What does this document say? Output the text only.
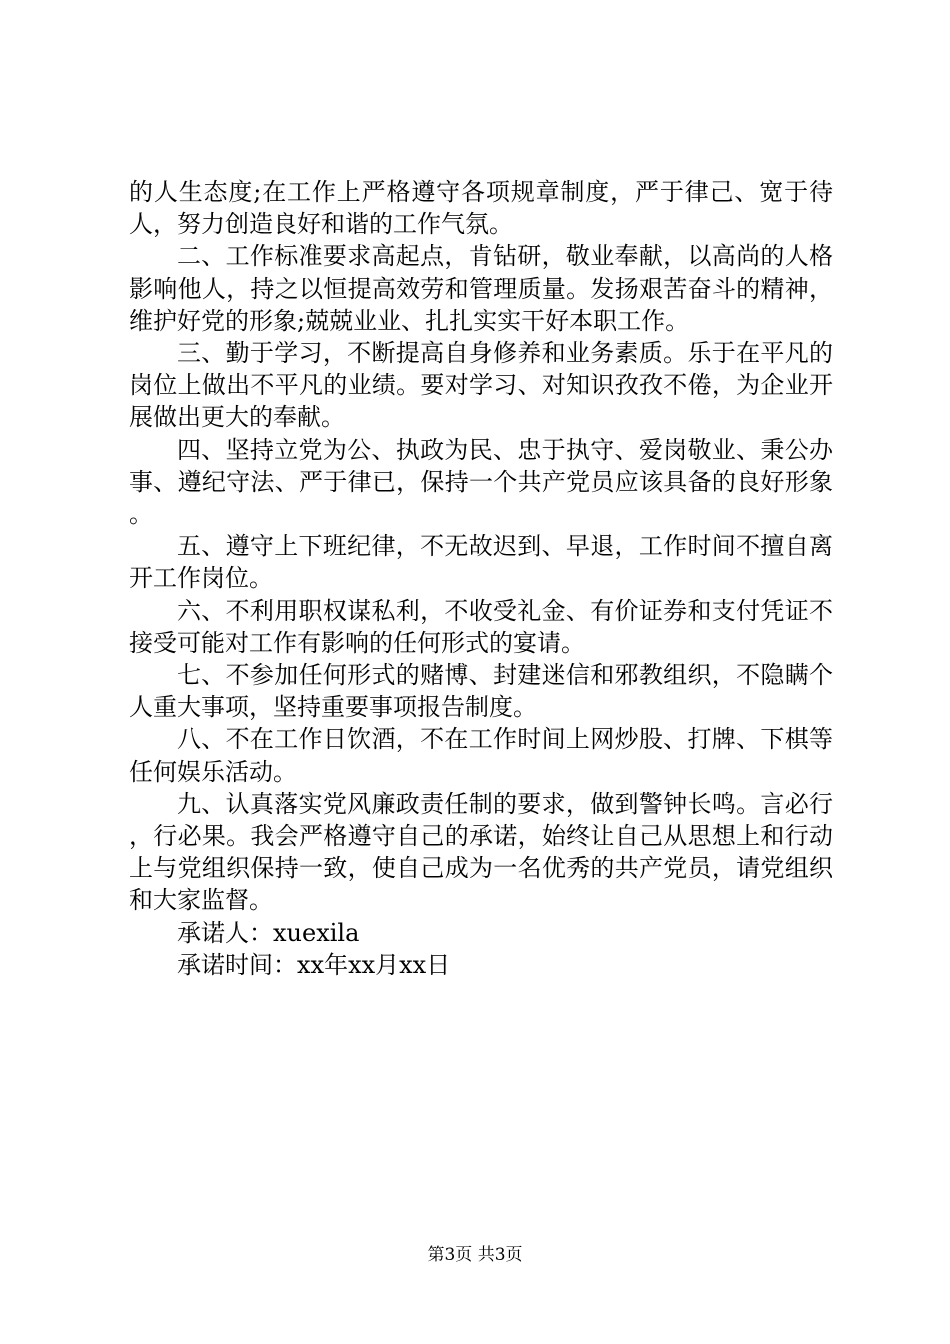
的人生态度;在工作上严格遵守各项规章制度，严于律己、宽于待人，努力创造良好和谐的工作气氛。

二、工作标准要求高起点，肯钻研，敬业奉献，以高尚的人格影响他人，持之以恒提高效劳和管理质量。发扬艰苦奋斗的精神，维护好党的形象;兢兢业业、扎扎实实干好本职工作。

三、勤于学习，不断提高自身修养和业务素质。乐于在平凡的岗位上做出不平凡的业绩。要对学习、对知识孜孜不倦，为企业开展做出更大的奉献。

四、坚持立党为公、执政为民、忠于执守、爱岗敬业、秉公办事、遵纪守法、严于律已，保持一个共产党员应该具备的良好形象。

五、遵守上下班纪律，不无故迟到、早退，工作时间不擅自离开工作岗位。

六、不利用职权谋私利，不收受礼金、有价证券和支付凭证不接受可能对工作有影响的任何形式的宴请。

七、不参加任何形式的赌博、封建迷信和邪教组织，不隐瞒个人重大事项，坚持重要事项报告制度。

八、不在工作日饮酒，不在工作时间上网炒股、打牌、下棋等任何娱乐活动。

九、认真落实党风廉政责任制的要求，做到警钟长鸣。言必行，行必果。我会严格遵守自己的承诺，始终让自己从思想上和行动上与党组织保持一致，使自己成为一名优秀的共产党员，请党组织和大家监督。

承诺人：xuexila

承诺时间：xx年xx月xx日

第3页 共3页
